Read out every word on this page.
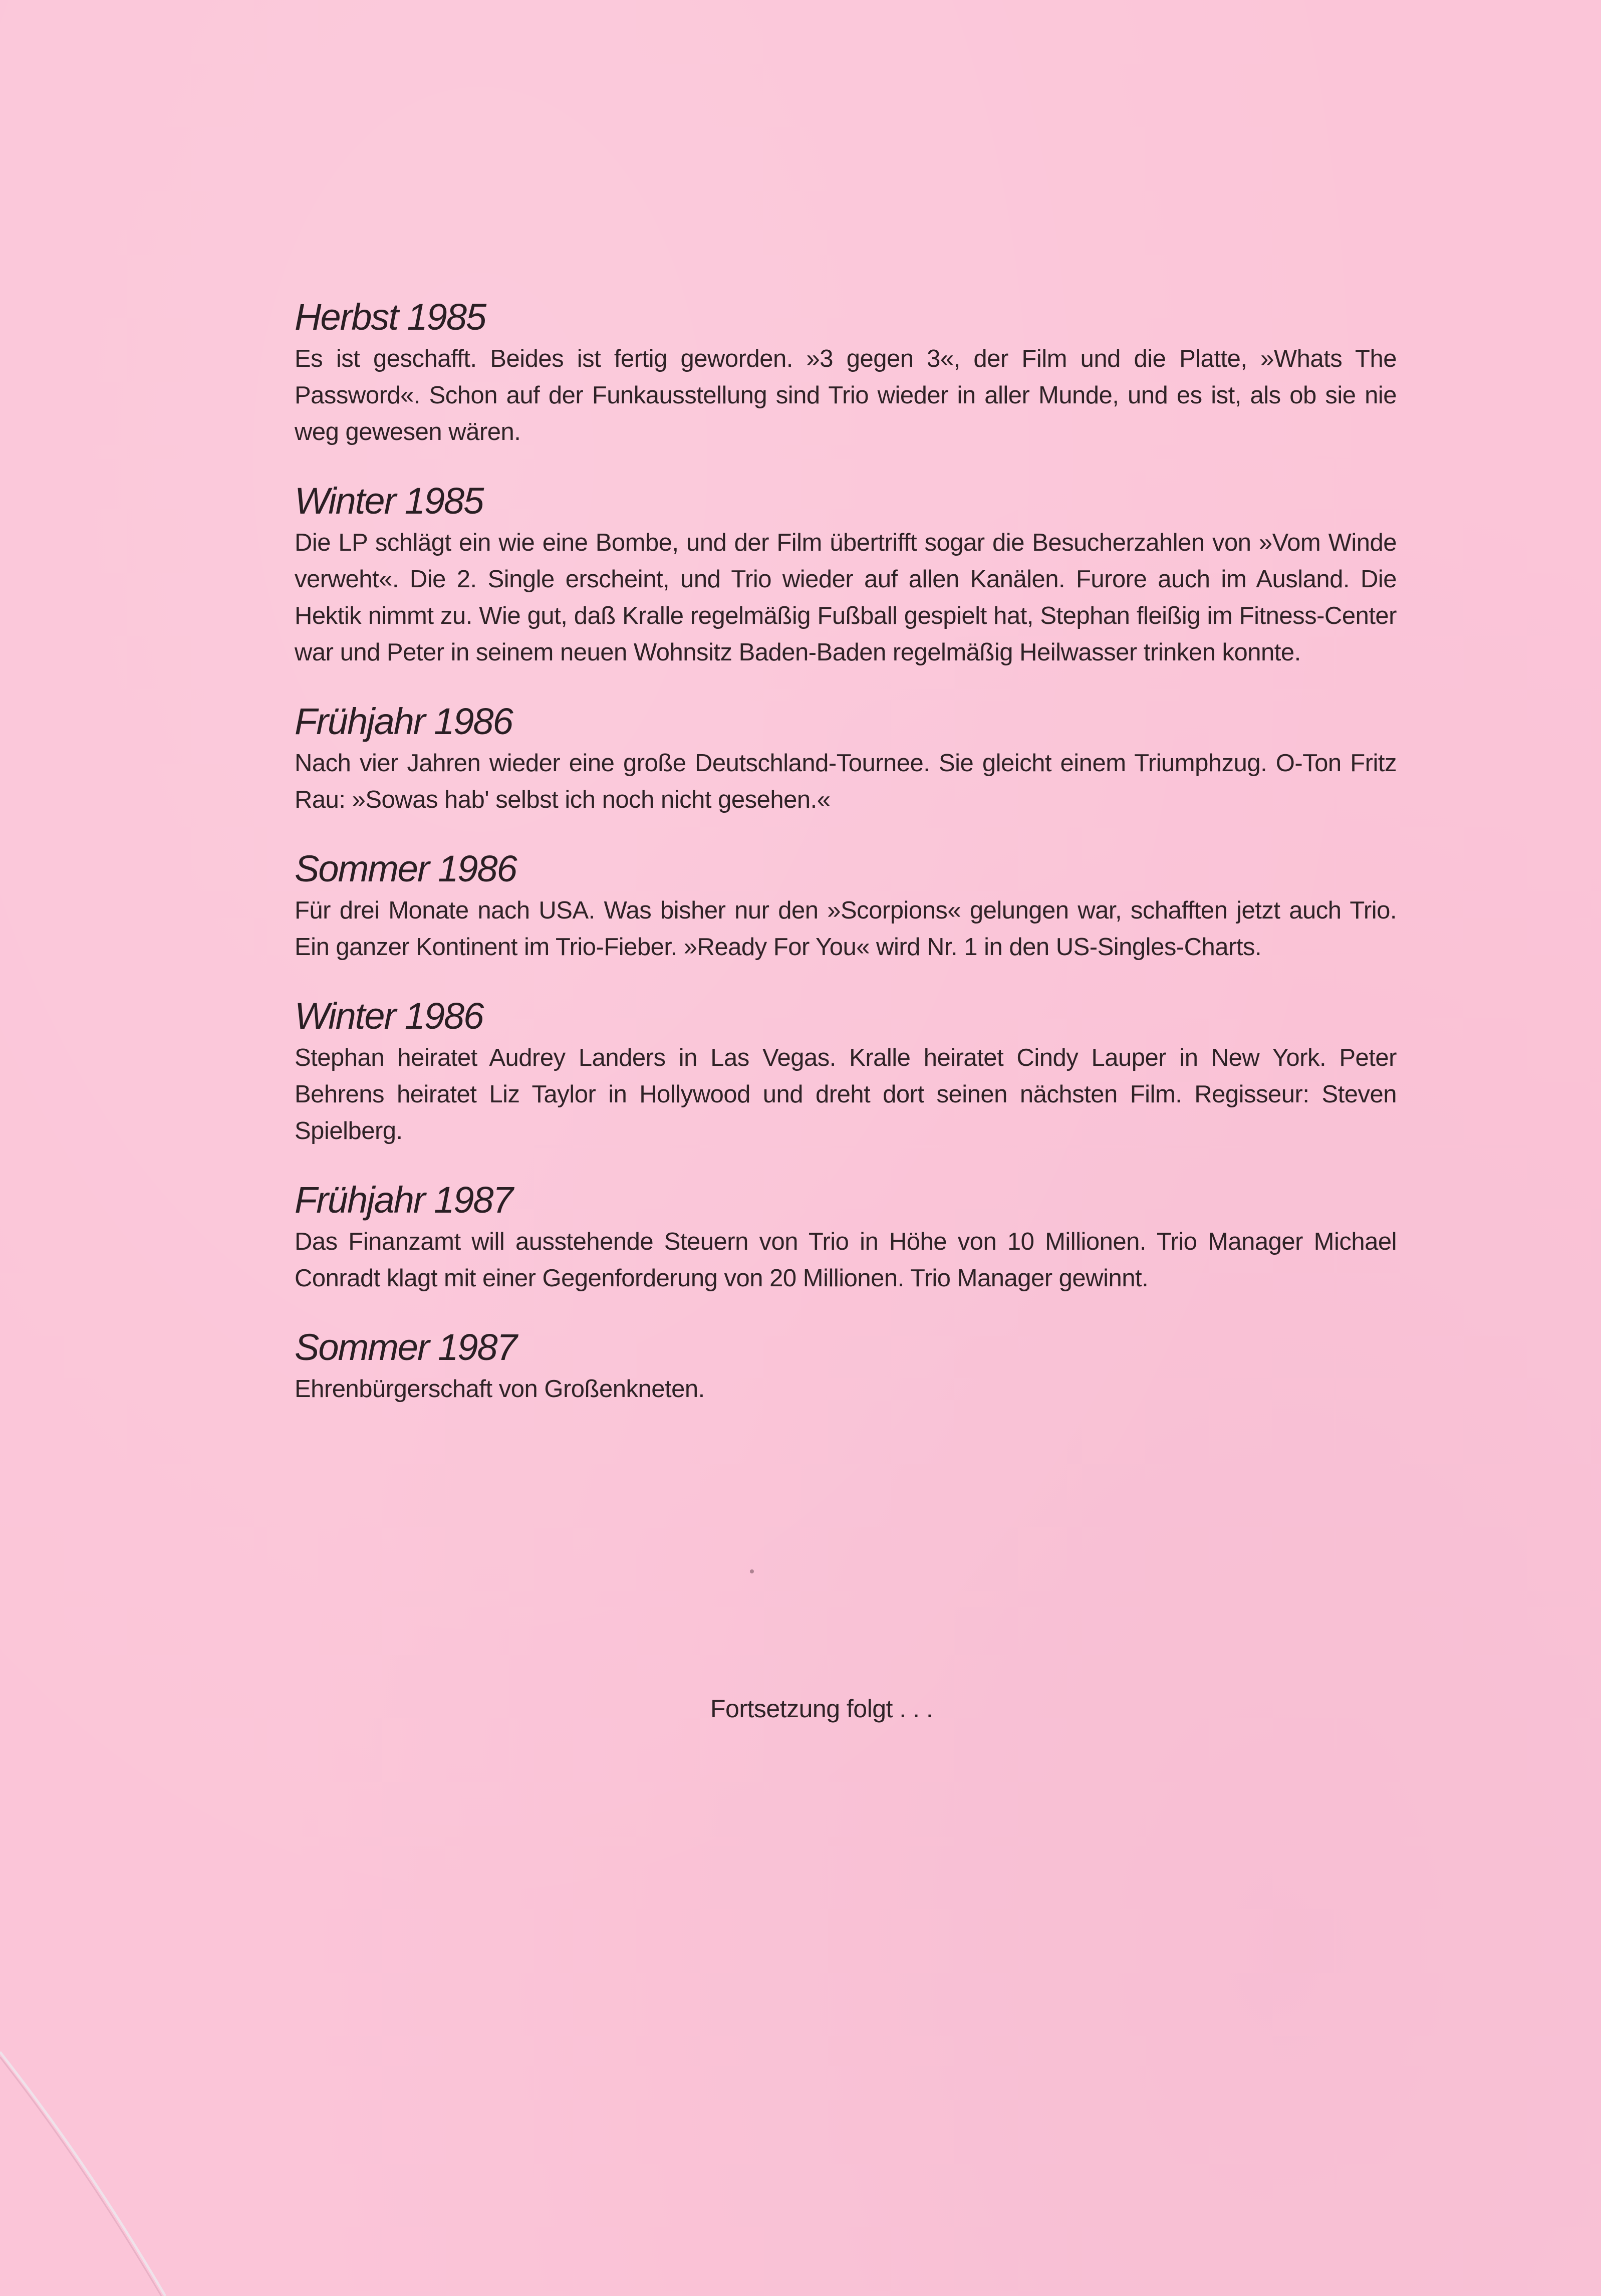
Herbst 1985

Es ist geschafft. Beides ist fertig geworden. »3 gegen 3«, der Film und die Platte, »Whats The Password«. Schon auf der Funkausstellung sind Trio wieder in aller Munde, und es ist, als ob sie nie weg gewesen wären.

Winter 1985

Die LP schlägt ein wie eine Bombe, und der Film übertrifft sogar die Besucherzahlen von »Vom Winde verweht«. Die 2. Single erscheint, und Trio wieder auf allen Kanälen. Furore auch im Ausland. Die Hektik nimmt zu. Wie gut, daß Kralle regelmäßig Fußball gespielt hat, Stephan fleißig im Fitness-Center war und Peter in seinem neuen Wohnsitz Baden-Baden regelmäßig Heilwasser trinken konnte.

Frühjahr 1986

Nach vier Jahren wieder eine große Deutschland-Tournee. Sie gleicht einem Triumphzug. O-Ton Fritz Rau: »Sowas hab' selbst ich noch nicht gesehen.«

Sommer 1986

Für drei Monate nach USA. Was bisher nur den »Scorpions« gelungen war, schafften jetzt auch Trio. Ein ganzer Kontinent im Trio-Fieber. »Ready For You« wird Nr. 1 in den US-Singles-Charts.

Winter 1986

Stephan heiratet Audrey Landers in Las Vegas. Kralle heiratet Cindy Lauper in New York. Peter Behrens heiratet Liz Taylor in Hollywood und dreht dort seinen nächsten Film. Regisseur: Steven Spielberg.

Frühjahr 1987

Das Finanzamt will ausstehende Steuern von Trio in Höhe von 10 Millionen. Trio Manager Michael Conradt klagt mit einer Gegenforderung von 20 Millionen. Trio Manager gewinnt.

Sommer 1987

Ehrenbürgerschaft von Großenkneten.

Fortsetzung folgt . . .
